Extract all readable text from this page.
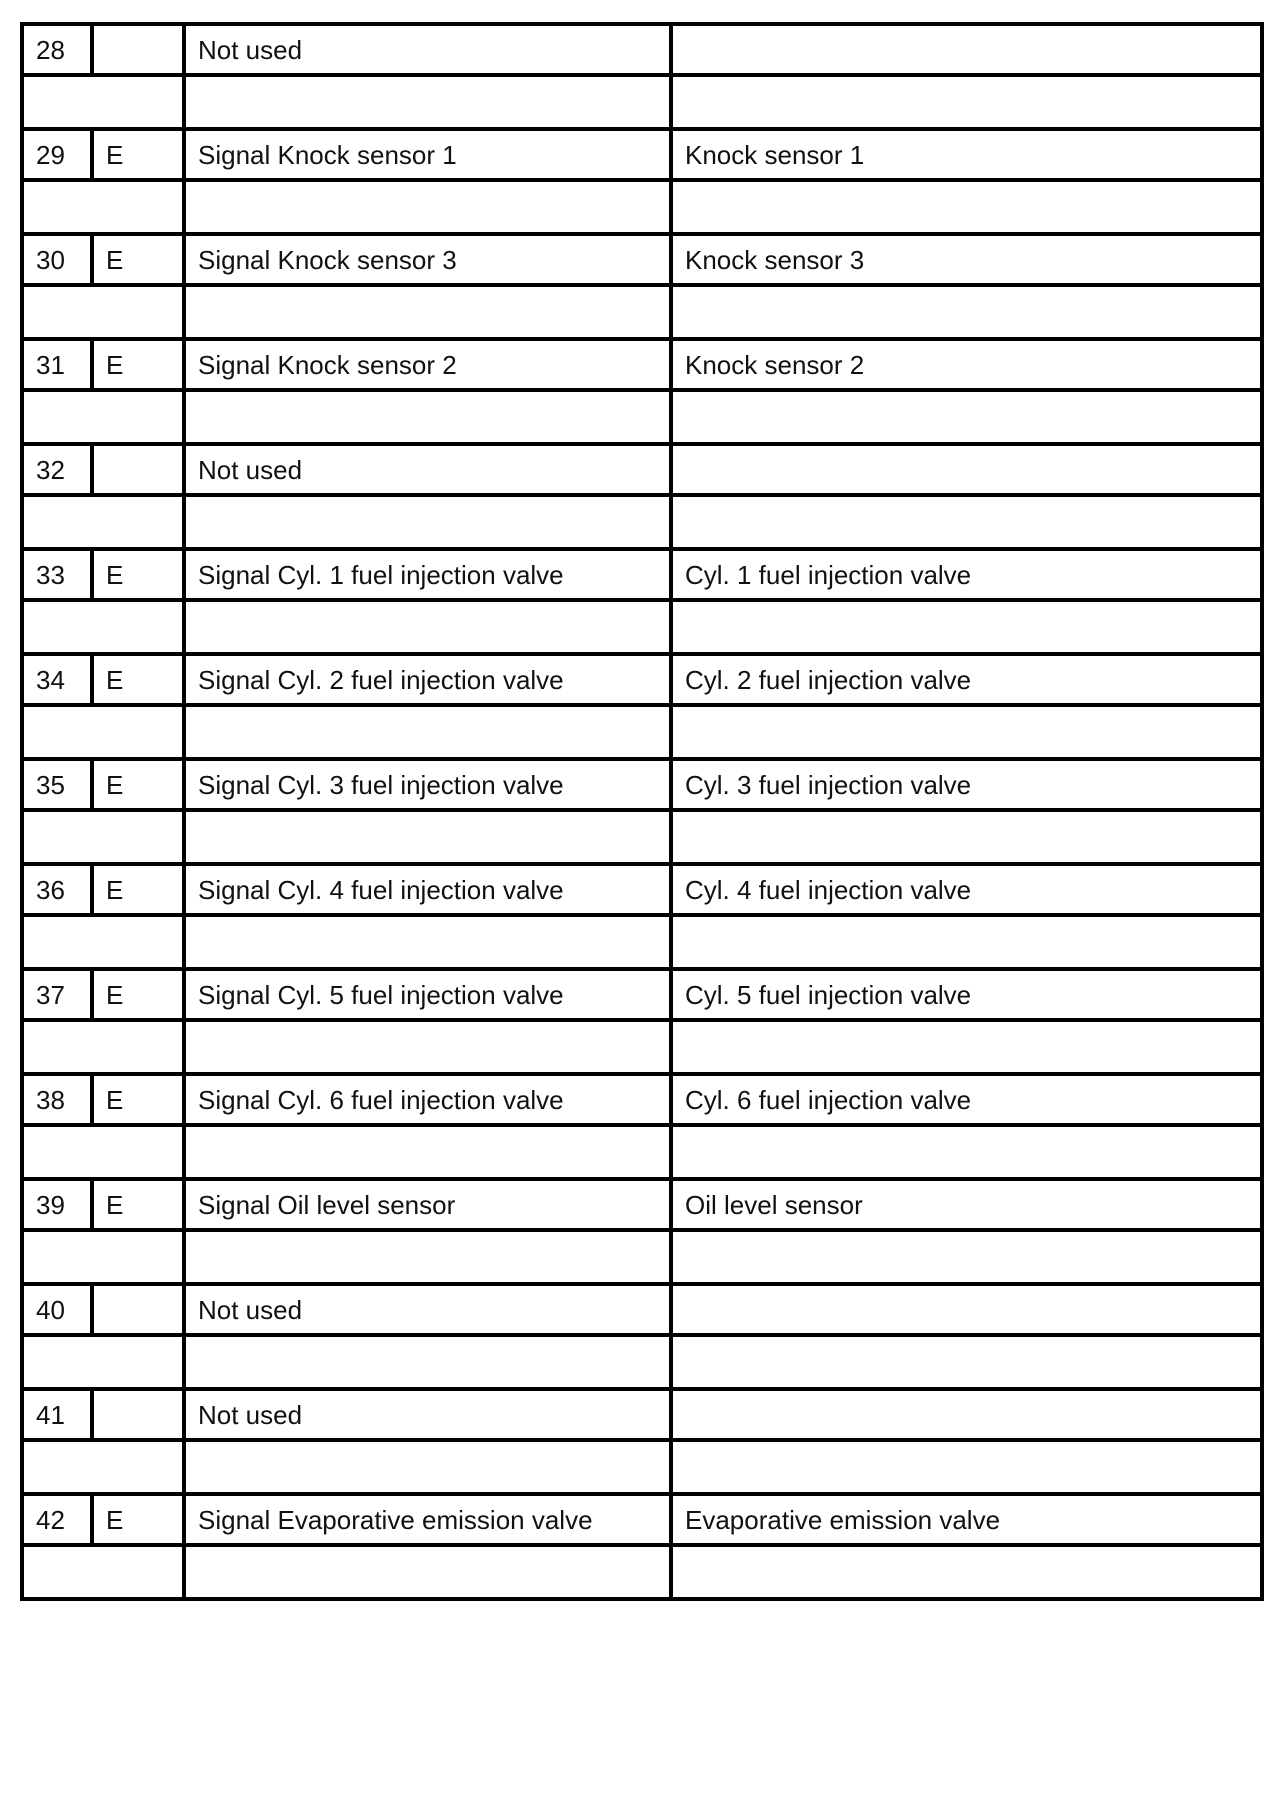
28		Not used	

29	E	Signal Knock sensor 1	Knock sensor 1

30	E	Signal Knock sensor 3	Knock sensor 3

31	E	Signal Knock sensor 2	Knock sensor 2

32		Not used	

33	E	Signal Cyl. 1 fuel injection valve	Cyl. 1 fuel injection valve

34	E	Signal Cyl. 2 fuel injection valve	Cyl. 2 fuel injection valve

35	E	Signal Cyl. 3 fuel injection valve	Cyl. 3 fuel injection valve

36	E	Signal Cyl. 4 fuel injection valve	Cyl. 4 fuel injection valve

37	E	Signal Cyl. 5 fuel injection valve	Cyl. 5 fuel injection valve

38	E	Signal Cyl. 6 fuel injection valve	Cyl. 6 fuel injection valve

39	E	Signal Oil level sensor	Oil level sensor

40		Not used	

41		Not used	

42	E	Signal Evaporative emission valve	Evaporative emission valve
